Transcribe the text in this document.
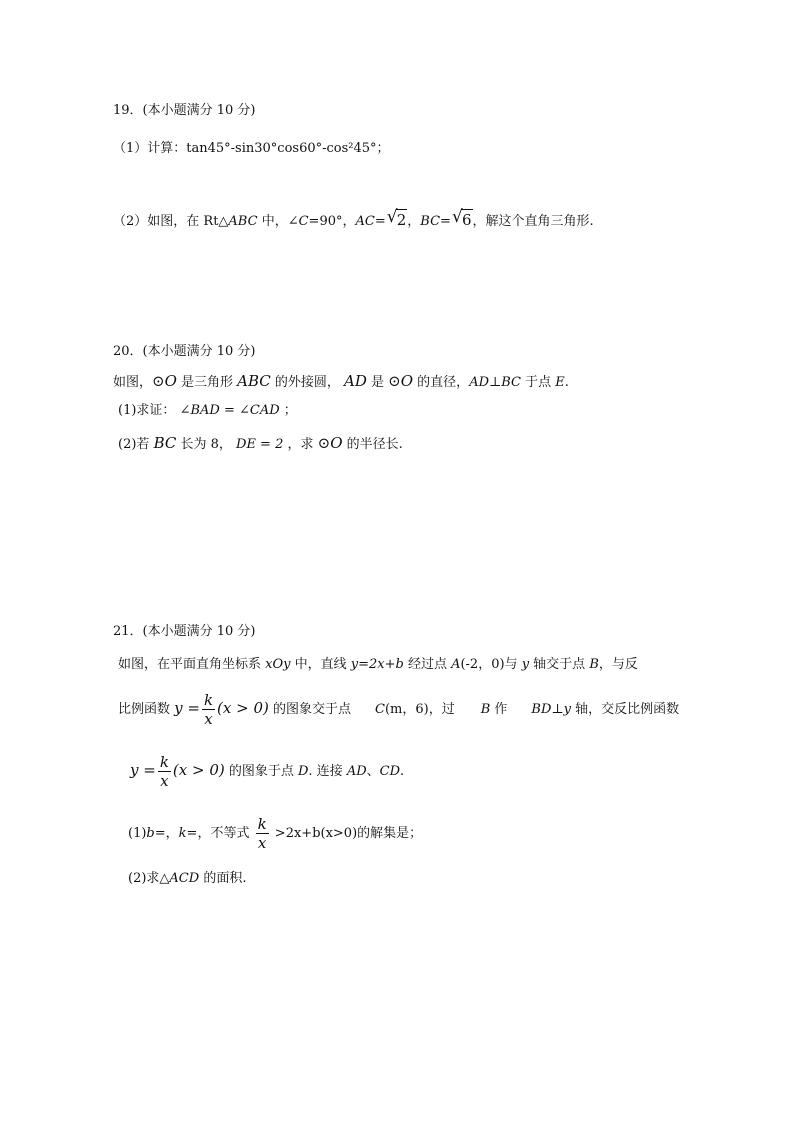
19．(本小题满分 10 分)
（1）计算：tan45°-sin30°cos60°-cos²45°；
（2）如图，在 Rt△ABC 中，∠C=90°，AC= √ 2，BC= √ 6，解这个直角三角形.
20．(本小题满分 10 分)
如图，⊙O 是三角形 ABC 的外接圆， AD 是 ⊙O 的直径，AD⊥BC 于点 E.
(1)求证： ∠BAD = ∠CAD ；
(2)若 BC 长为 8， DE = 2 ，求 ⊙O 的半径长.
21．(本小题满分 10 分)
如图，在平面直角坐标系 xOy 中，直线 y=2x+b 经过点 A(-2，0)与 y 轴交于点 B，与反
比例函数 $y = \frac{k}{x} (x > 0)$ 的图象交于点 C(m，6)，过 B 作 BD⊥y 轴，交反比例函数
$y = \frac{k}{x} (x > 0)$ 的图象于点 D. 连接 AD、CD.
(1)b=，k=，不等式 $\frac{k}{x} >2x+b(x>0)$的解集是；
(2)求△ACD 的面积.
